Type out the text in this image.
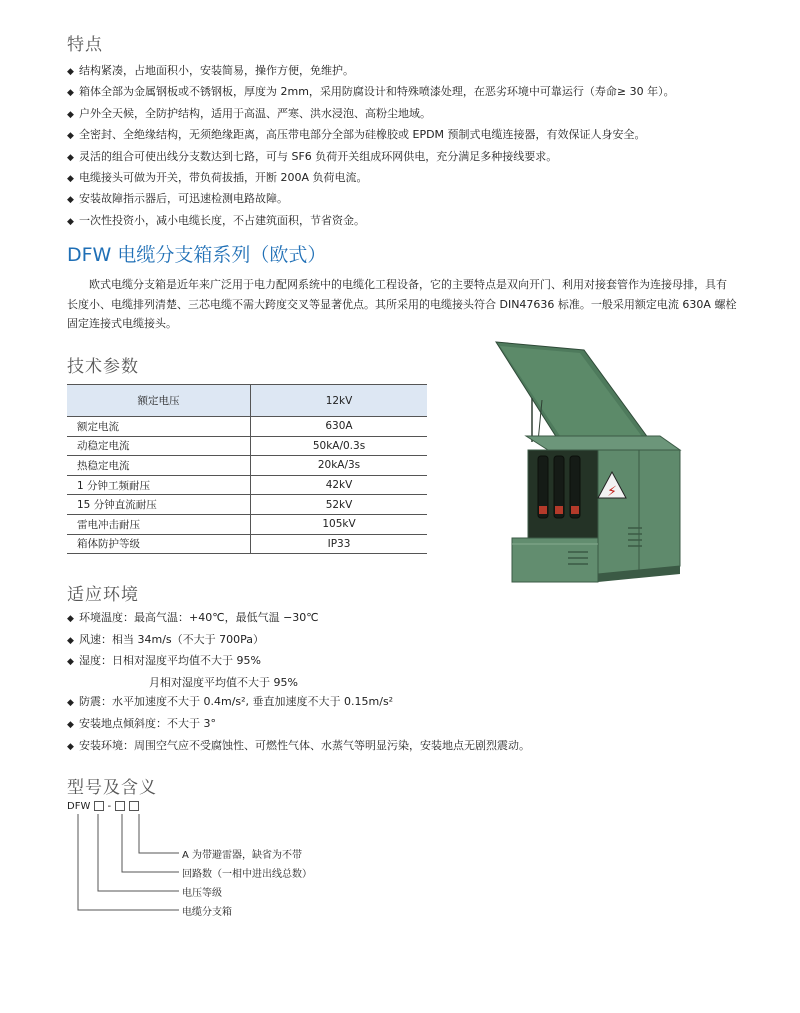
特点
◆ 结构紧凑，占地面积小，安装简易，操作方便，免维护。
◆ 箱体全部为金属钢板或不锈钢板，厚度为 2mm，采用防腐设计和特殊喷漆处理，在恶劣环境中可靠运行（寿命≥ 30 年）。
◆ 户外全天候，全防护结构，适用于高温、严寒、洪水浸泡、高粉尘地域。
◆ 全密封、全绝缘结构，无须绝缘距离，高压带电部分全部为硅橡胶或 EPDM 预制式电缆连接器，有效保证人身安全。
◆ 灵活的组合可使出线分支数达到七路，可与 SF6 负荷开关组成环网供电，充分满足多种接线要求。
◆ 电缆接头可做为开关，带负荷拔插，开断 200A 负荷电流。
◆ 安装故障指示器后，可迅速检测电路故障。
◆ 一次性投资小，减小电缆长度，不占建筑面积，节省资金。
DFW 电缆分支箱系列（欧式）
欧式电缆分支箱是近年来广泛用于电力配网系统中的电缆化工程设备，它的主要特点是双向开门、利用对接套管作为连接母排，具有长度小、电缆排列清楚、三芯电缆不需大跨度交叉等显著优点。其所采用的电缆接头符合 DIN47636 标准。一般采用额定电流 630A 螺栓固定连接式电缆接头。
技术参数
额定电压	12kV
额定电流	630A
动稳定电流	50kA/0.3s
热稳定电流	20kA/3s
1 分钟工频耐压	42kV
15 分钟直流耐压	52kV
雷电冲击耐压	105kV
箱体防护等级	IP33
⚡
适应环境
◆ 环境温度：最高气温：+40℃，最低气温 −30℃
◆ 风速：相当 34m/s（不大于 700Pa）
◆ 湿度：日相对湿度平均值不大于 95%
月相对湿度平均值不大于 95%
◆ 防震：水平加速度不大于 0.4m/s², 垂直加速度不大于 0.15m/s²
◆ 安装地点倾斜度：不大于 3°
◆ 安装环境：周围空气应不受腐蚀性、可燃性气体、水蒸气等明显污染，安装地点无剧烈震动。
型号及含义
DFW -
A 为带避雷器，缺省为不带
回路数（一相中进出线总数）
电压等级
电缆分支箱
